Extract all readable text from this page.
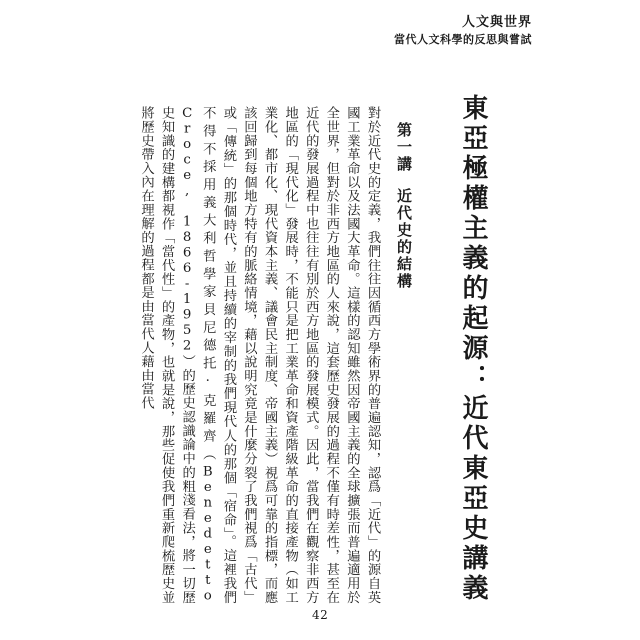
人文與世界
當代人文科學的反思與嘗試
東亞極權主義的起源：近代東亞史講義
第一講
近代史的結構

對於近代史的定義，我們往往因循西方學術界的普遍認知，認爲「近代」的源自英國工業革命以及法國大革命。這樣的認知雖然因帝國主義的全球擴張而普遍適用於全世界，但對於非西方地區的人來說，這套歷史發展的過程不僅有時差性，甚至在近代的發展過程中也往往有別於西方地區的發展模式。因此，當我們在觀察非西方地區的「現代化」發展時，不能只是把工業革命和資產階級革命的直接產物（如工業化、都市化、現代資本主義、議會民主制度、帝國主義）視爲可靠的指標，而應該回歸到每個地方特有的脈絡情境，藉以說明究竟是什麼分裂了我們視爲「古代」或「傳統」的那個時代，並且持續的宰制的我們現代人的那個「宿命」。這裡我們不得不採用義大利哲學家貝尼德托·克羅齊（Benedetto Croce, 1866-1952）的歷史認識論中的粗淺看法，將一切歷史知識的建構都視作「當代性」的產物，也就是說，那些促使我們重新爬梳歷史並將歷史帶入內在理解的過程都是由當代人藉由當代

42
